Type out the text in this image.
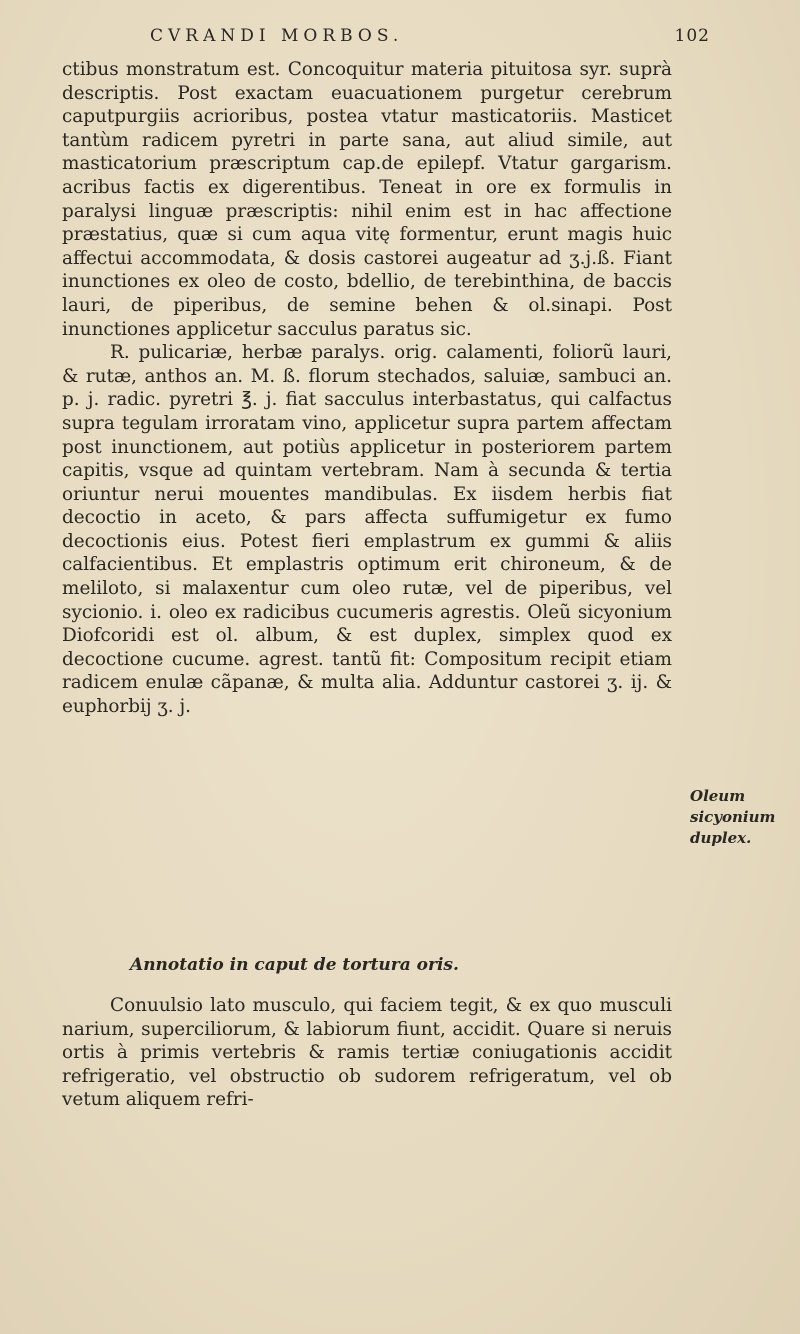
CVRANDI MORBOS.	102

ctibus monstratum est. Concoquitur materia pituitosa syr. suprà descriptis. Post exactam euacuationem purgetur cerebrum caputpurgiis acrioribus, postea vtatur masticatoriis. Masticet tantùm radicem pyretri in parte sana, aut aliud simile, aut masticatorium præscriptum cap.de epilepf. Vtatur gargarism. acribus factis ex digerentibus. Teneat in ore ex formulis in paralysi linguæ præscriptis: nihil enim est in hac affectione præstatius, quæ si cum aqua vitę formentur, erunt magis huic affectui accommodata, & dosis castorei augeatur ad ʒ.j.ß. Fiant inunctiones ex oleo de costo, bdellio, de terebinthina, de baccis lauri, de piperibus, de semine behen & ol.sinapi. Post inunctiones applicetur sacculus paratus sic.

R. pulicariæ, herbæ paralys. orig. calamenti, foliorũ lauri, & rutæ, anthos an. M. ß. florum stechados, saluiæ, sambuci an. p. j. radic. pyretri ℥. j. fiat sacculus interbastatus, qui calfactus supra tegulam irroratam vino, applicetur supra partem affectam post inunctionem, aut potiùs applicetur in posteriorem partem capitis, vsque ad quintam vertebram. Nam à secunda & tertia oriuntur nerui mouentes mandibulas. Ex iisdem herbis fiat decoctio in aceto, & pars affecta suffumigetur ex fumo decoctionis eius. Potest fieri emplastrum ex gummi & aliis calfacientibus. Et emplastris optimum erit chironeum, & de meliloto, si malaxentur cum oleo rutæ, vel de piperibus, vel sycionio. i. oleo ex radicibus cucumeris agrestis. Oleũ sicyonium Diofcoridi est ol. album, & est duplex, simplex quod ex decoctione cucume. agrest. tantũ fit: Compositum recipit etiam radicem enulæ cãpanæ, & multa alia. Adduntur castorei ʒ. ij. & euphorbij ʒ. j.

Oleum sicyonium duplex.
Annotatio in caput de tortura oris.

Conuulsio lato musculo, qui faciem tegit, & ex quo musculi narium, superciliorum, & labiorum fiunt, accidit. Quare si neruis ortis à primis vertebris & ramis tertiæ coniugationis accidit refrigeratio, vel obstructio ob sudorem refrigeratum, vel ob vetum aliquem refri-
